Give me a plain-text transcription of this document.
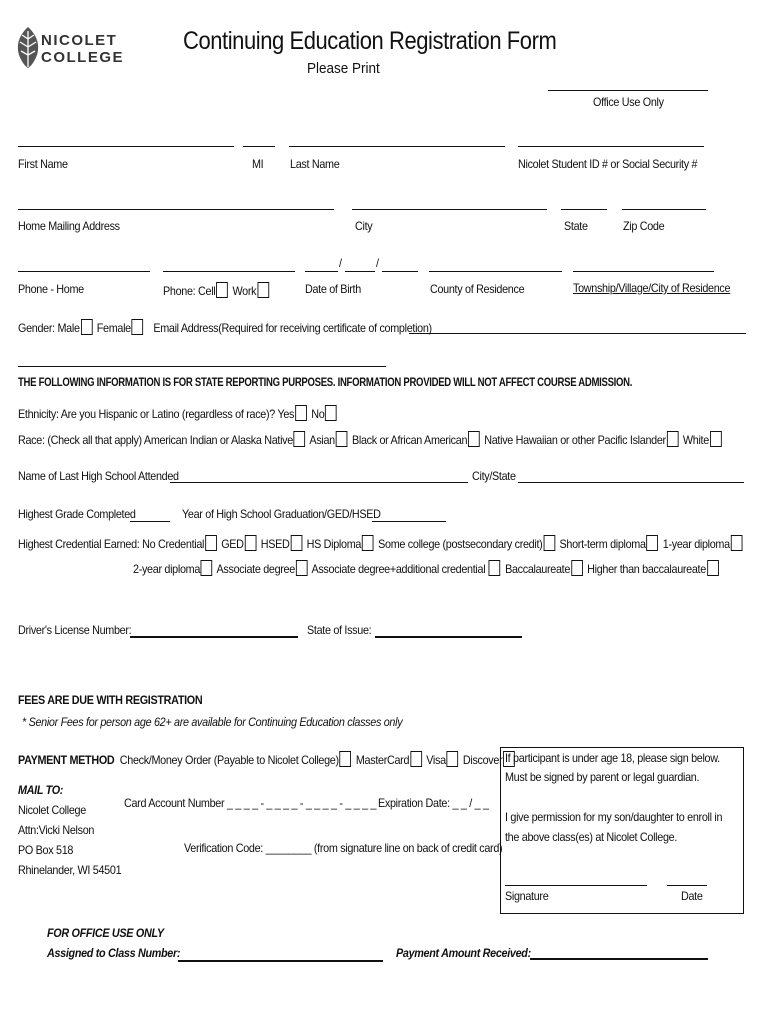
NICOLET
COLLEGE
Continuing Education Registration Form
Please Print
Office Use Only
First Name	MI Last Name	Nicolet Student ID # or Social Security #
Home Mailing Address	City	State	Zip Code
/	/
Phone - Home	Phone: Cell Work	Date of Birth	County of Residence	Township/Village/City of Residence
Gender: Male Female Email Address(Required for receiving certificate of completion)
THE FOLLOWING INFORMATION IS FOR STATE REPORTING PURPOSES. INFORMATION PROVIDED WILL NOT AFFECT COURSE ADMISSION.
Ethnicity: Are you Hispanic or Latino (regardless of race)? Yes No
Race: (Check all that apply) American Indian or Alaska Native Asian Black or African American Native Hawaiian or other Pacific Islander White
Name of Last High School Attended	City/State
Highest Grade Completed	Year of High School Graduation/GED/HSED
Highest Credential Earned: No Credential GED HSED HS Diploma Some college (postsecondary credit) Short-term diploma 1-year diploma
2-year diploma Associate degree Associate degree+additional credential Baccalaureate Higher than baccalaureate
Driver's License Number:	State of Issue:
FEES ARE DUE WITH REGISTRATION
* Senior Fees for person age 62+ are available for Continuing Education classes only
PAYMENT METHOD Check/Money Order (Payable to Nicolet College) MasterCard Visa Discover
MAIL TO:
Nicolet College
Attn:Vicki Nelson
PO Box 518
Rhinelander, WI 54501
Card Account Number _ _ _ _ - _ _ _ _ - _ _ _ _ - _ _ _ _ Expiration Date: _ _ / _ _
Verification Code: ________ (from signature line on back of credit card)
If participant is under age 18, please sign below.
Must be signed by parent or legal guardian.
I give permission for my son/daughter to enroll in
the above class(es) at Nicolet College.
Signature	Date
FOR OFFICE USE ONLY
Assigned to Class Number:	Payment Amount Received:
